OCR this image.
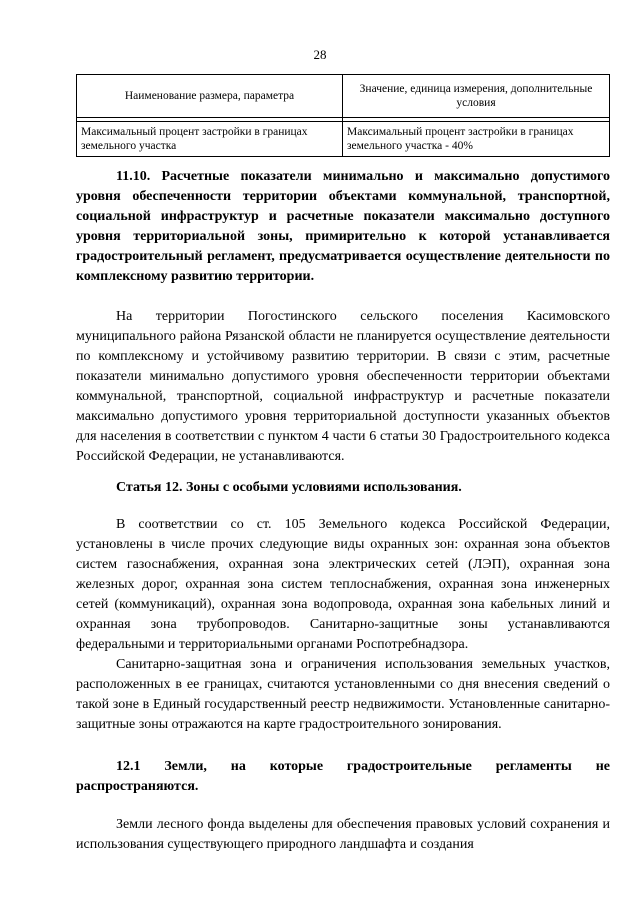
28
Наименование размера, параметра	Значение, единица измерения, дополнительные условия

Максимальный процент застройки в границах земельного участка	Максимальный процент застройки в границах земельного участка - 40%
11.10. Расчетные показатели минимально и максимально допустимого уровня обеспеченности территории объектами коммунальной, транспортной, социальной инфраструктур и расчетные показатели максимально доступного уровня территориальной зоны, примирительно к которой устанавливается градостроительный регламент, предусматривается осуществление деятельности по комплексному развитию территории.
На территории Погостинского сельского поселения Касимовского муниципального района Рязанской области не планируется осуществление деятельности по комплексному и устойчивому развитию территории. В связи с этим, расчетные показатели минимально допустимого уровня обеспеченности территории объектами коммунальной, транспортной, социальной инфраструктур и расчетные показатели максимально допустимого уровня территориальной доступности указанных объектов для населения в соответствии с пунктом 4 части 6 статьи 30 Градостроительного кодекса Российской Федерации, не устанавливаются.
Статья 12. Зоны с особыми условиями использования.
В соответствии со ст. 105 Земельного кодекса Российской Федерации, установлены в числе прочих следующие виды охранных зон: охранная зона объектов систем газоснабжения, охранная зона электрических сетей (ЛЭП), охранная зона железных дорог, охранная зона систем теплоснабжения, охранная зона инженерных сетей (коммуникаций), охранная зона водопровода, охранная зона кабельных линий и охранная зона трубопроводов. Санитарно-защитные зоны устанавливаются федеральными и территориальными органами Роспотребнадзора.
Санитарно-защитная зона и ограничения использования земельных участков, расположенных в ее границах, считаются установленными со дня внесения сведений о такой зоне в Единый государственный реестр недвижимости. Установленные санитарно-защитные зоны отражаются на карте градостроительного зонирования.
12.1 Земли, на которые градостроительные регламенты не распространяются.
Земли лесного фонда выделены для обеспечения правовых условий сохранения и использования существующего природного ландшафта и создания
